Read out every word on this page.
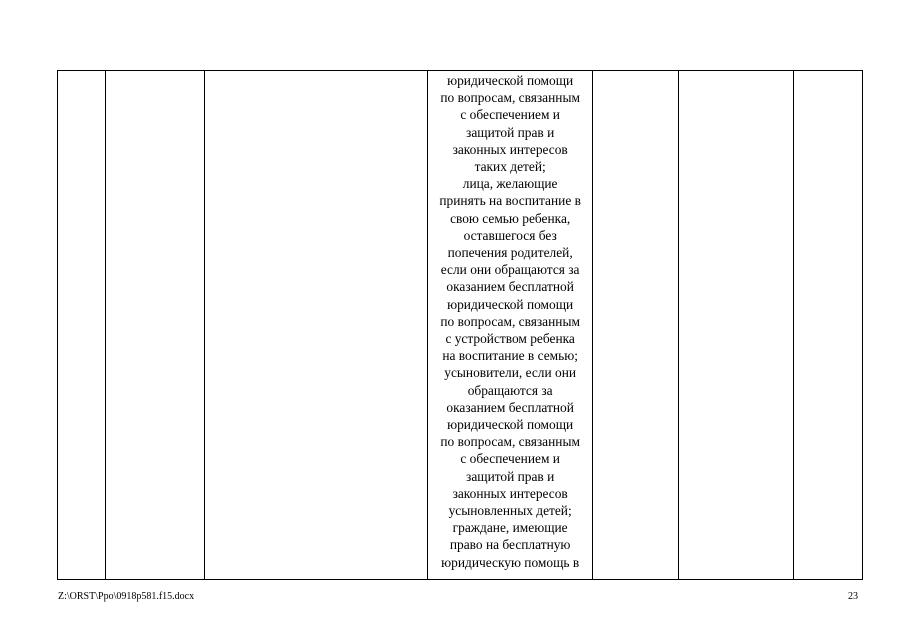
юридической помощи
по вопросам, связанным
с обеспечением и
защитой прав и
законных интересов
таких детей;
лица, желающие
принять на воспитание в
свою семью ребенка,
оставшегося без
попечения родителей,
если они обращаются за
оказанием бесплатной
юридической помощи
по вопросам, связанным
с устройством ребенка
на воспитание в семью;
усыновители, если они
обращаются за
оказанием бесплатной
юридической помощи
по вопросам, связанным
с обеспечением и
защитой прав и
законных интересов
усыновленных детей;
граждане, имеющие
право на бесплатную
юридическую помощь в

Z:\ORST\Ppo\0918p581.f15.docx	23
